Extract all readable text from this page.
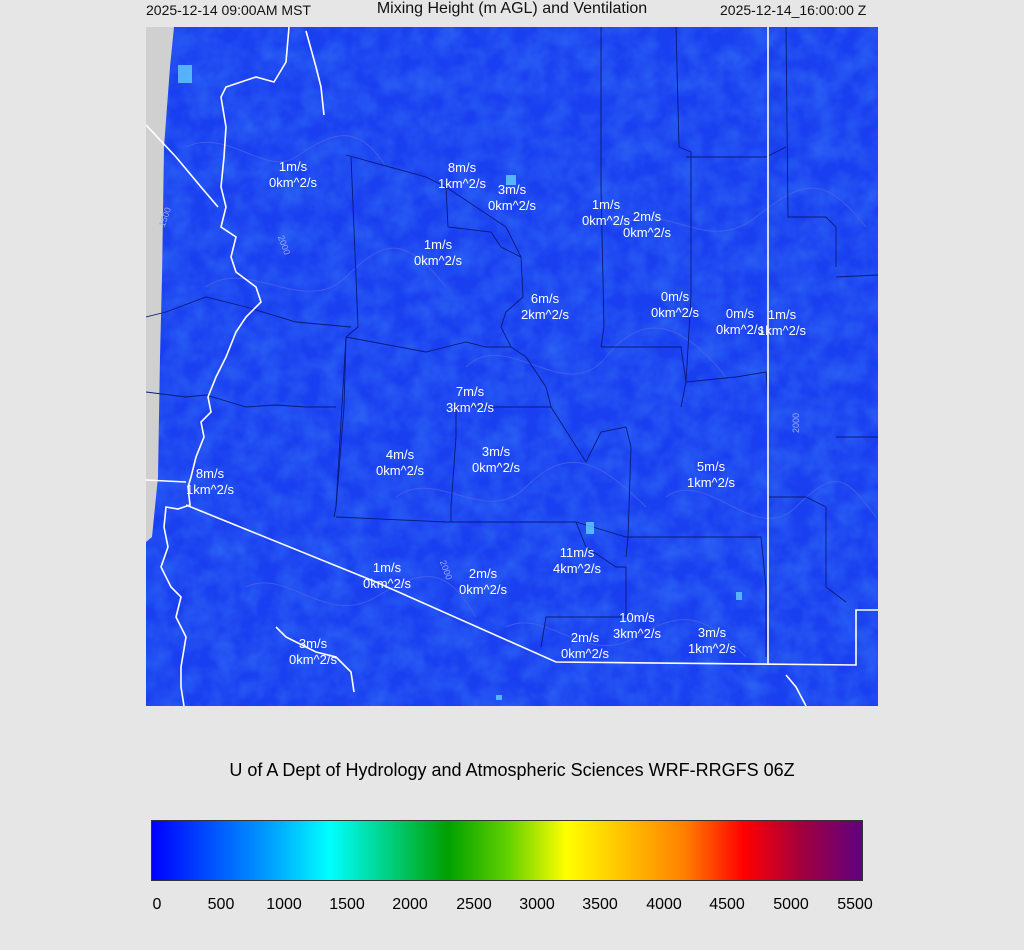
2025-12-14 09:00AM MST	Mixing Height (m AGL) and Ventilation	2025-12-14_16:00:00 Z
1500
2000
2000
2000
1m/s
0km^2/s
8m/s
1km^2/s 3m/s
0km^2/s	1m/s
0km^2/s 2m/s
0km^2/s
1m/s
0km^2/s
6m/s
2km^2/s
0m/s
0km^2/s	0m/s
0km^2/s
1m/s
1km^2/s
7m/s
3km^2/s
4m/s
0km^2/s
3m/s
0km^2/s	5m/s
1km^2/s
8m/s
1km^2/s
11m/s
4km^2/s
1m/s
0km^2/s
2m/s
0km^2/s
10m/s
3km^2/s	3m/s
1km^2/s
2m/s
0km^2/s
3m/s
0km^2/s
U of A Dept of Hydrology and Atmospheric Sciences WRF-RRGFS 06Z
0	500 1000 1500 2000 2500 3000 3500 4000 4500 5000 5500
